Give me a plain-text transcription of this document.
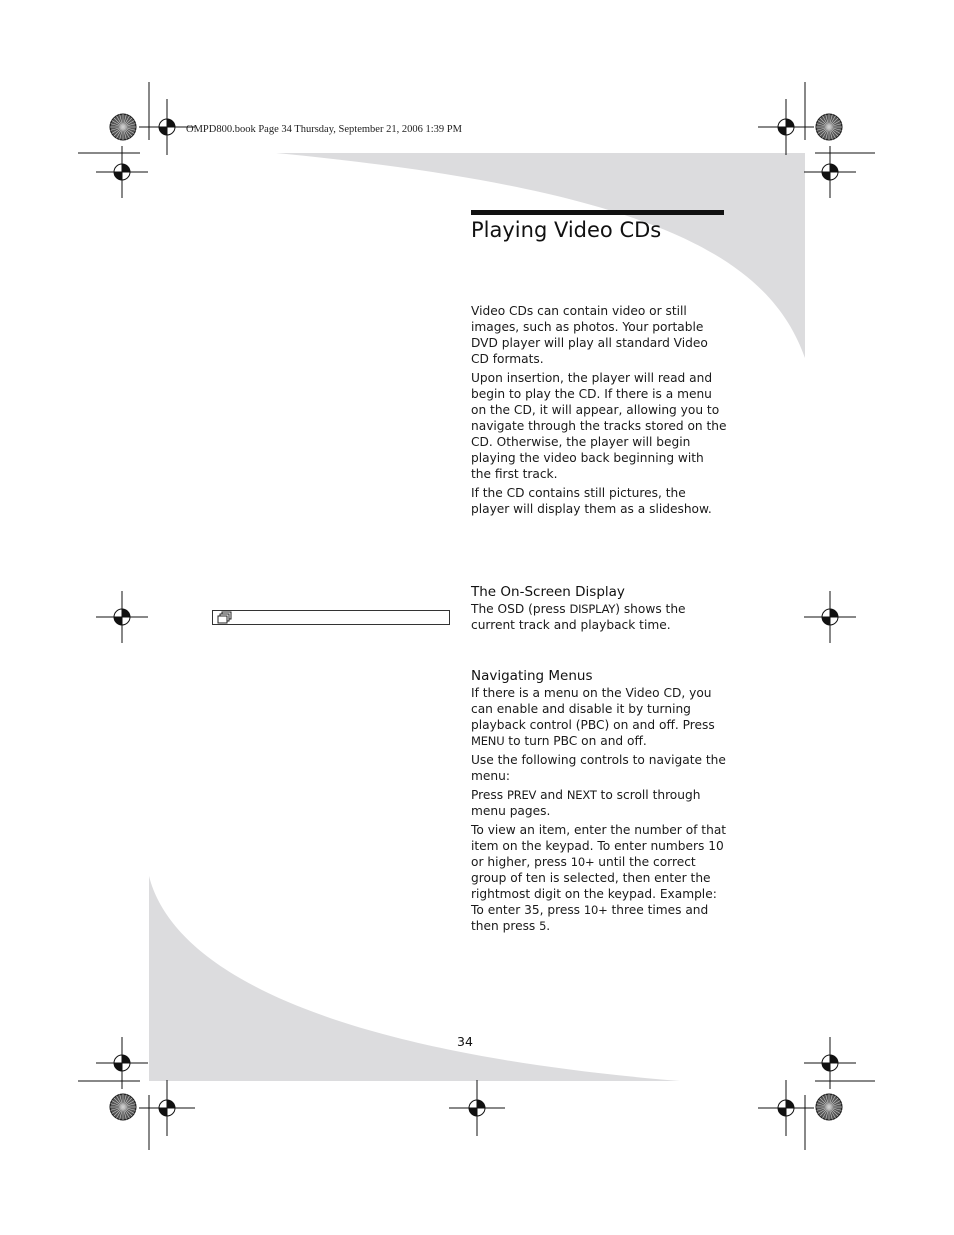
OMPD800.book Page 34 Thursday, September 21, 2006 1:39 PM
Playing Video CDs

Video CDs can contain video or still images, such as photos. Your portable DVD player will play all standard Video CD formats.

Upon insertion, the player will read and begin to play the CD. If there is a menu on the CD, it will appear, allowing you to navigate through the tracks stored on the CD. Otherwise, the player will begin playing the video back beginning with the first track.

If the CD contains still pictures, the player will display them as a slideshow.

The On-Screen Display

The OSD (press DISPLAY) shows the current track and playback time.

Navigating Menus

If there is a menu on the Video CD, you can enable and disable it by turning playback control (PBC) on and off. Press MENU to turn PBC on and off.

Use the following controls to navigate the menu:

Press PREV and NEXT to scroll through menu pages.

To view an item, enter the number of that item on the keypad. To enter numbers 10 or higher, press 10+ until the correct group of ten is selected, then enter the rightmost digit on the keypad. Example: To enter 35, press 10+ three times and then press 5.

34
